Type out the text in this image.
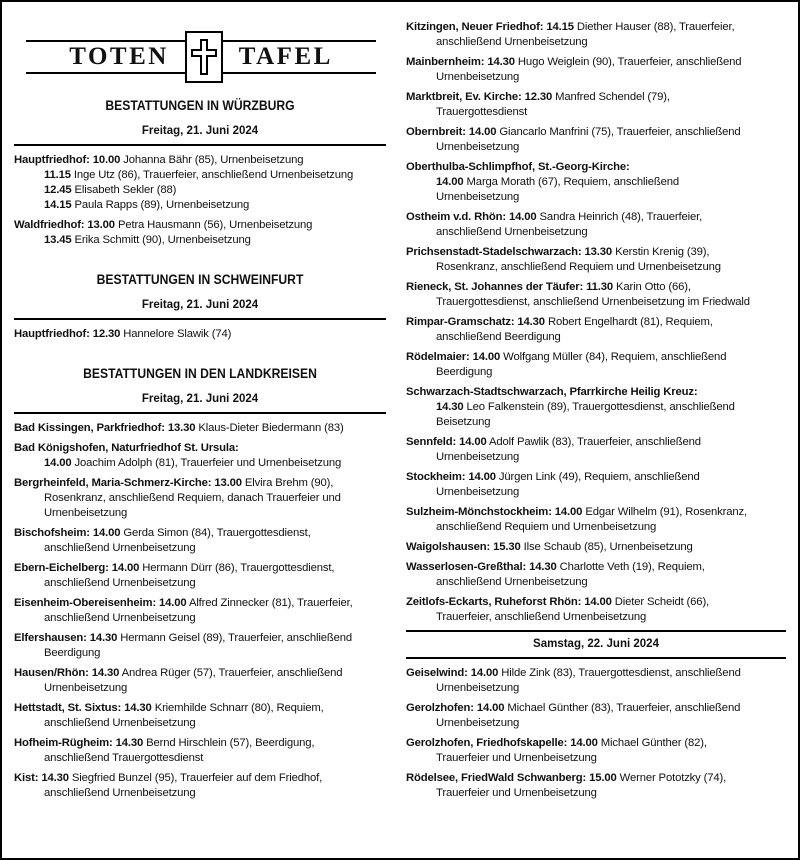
TOTEN	TAFEL
BESTATTUNGEN IN WÜRZBURG
Freitag, 21. Juni 2024
Hauptfriedhof: 10.00 Johanna Bähr (85), Urnenbeisetzung
11.15 Inge Utz (86), Trauerfeier, anschließend Urnenbeisetzung
12.45 Elisabeth Sekler (88)
14.15 Paula Rapps (89), Urnenbeisetzung
Waldfriedhof: 13.00 Petra Hausmann (56), Urnenbeisetzung
13.45 Erika Schmitt (90), Urnenbeisetzung
BESTATTUNGEN IN SCHWEINFURT
Freitag, 21. Juni 2024
Hauptfriedhof: 12.30 Hannelore Slawik (74)
BESTATTUNGEN IN DEN LANDKREISEN
Freitag, 21. Juni 2024
Bad Kissingen, Parkfriedhof: 13.30 Klaus-Dieter Biedermann (83)
Bad Königshofen, Naturfriedhof St. Ursula:
14.00 Joachim Adolph (81), Trauerfeier und Urnenbeisetzung
Bergrheinfeld, Maria-Schmerz-Kirche: 13.00 Elvira Brehm (90),
Rosenkranz, anschließend Requiem, danach Trauerfeier und
Urnenbeisetzung
Bischofsheim: 14.00 Gerda Simon (84), Trauergottesdienst,
anschließend Urnenbeisetzung
Ebern-Eichelberg: 14.00 Hermann Dürr (86), Trauergottesdienst,
anschließend Urnenbeisetzung
Eisenheim-Obereisenheim: 14.00 Alfred Zinnecker (81), Trauerfeier,
anschließend Urnenbeisetzung
Elfershausen: 14.30 Hermann Geisel (89), Trauerfeier, anschließend
Beerdigung
Hausen/Rhön: 14.30 Andrea Rüger (57), Trauerfeier, anschließend
Urnenbeisetzung
Hettstadt, St. Sixtus: 14.30 Kriemhilde Schnarr (80), Requiem,
anschließend Urnenbeisetzung
Hofheim-Rügheim: 14.30 Bernd Hirschlein (57), Beerdigung,
anschließend Trauergottesdienst
Kist: 14.30 Siegfried Bunzel (95), Trauerfeier auf dem Friedhof,
anschließend Urnenbeisetzung
Kitzingen, Neuer Friedhof: 14.15 Diether Hauser (88), Trauerfeier,
anschließend Urnenbeisetzung
Mainbernheim: 14.30 Hugo Weiglein (90), Trauerfeier, anschließend
Urnenbeisetzung
Marktbreit, Ev. Kirche: 12.30 Manfred Schendel (79),
Trauergottesdienst
Obernbreit: 14.00 Giancarlo Manfrini (75), Trauerfeier, anschließend
Urnenbeisetzung
Oberthulba-Schlimpfhof, St.-Georg-Kirche:
14.00 Marga Morath (67), Requiem, anschließend
Urnenbeisetzung
Ostheim v.d. Rhön: 14.00 Sandra Heinrich (48), Trauerfeier,
anschließend Urnenbeisetzung
Prichsenstadt-Stadelschwarzach: 13.30 Kerstin Krenig (39),
Rosenkranz, anschließend Requiem und Urnenbeisetzung
Rieneck, St. Johannes der Täufer: 11.30 Karin Otto (66),
Trauergottesdienst, anschließend Urnenbeisetzung im Friedwald
Rimpar-Gramschatz: 14.30 Robert Engelhardt (81), Requiem,
anschließend Beerdigung
Rödelmaier: 14.00 Wolfgang Müller (84), Requiem, anschließend
Beerdigung
Schwarzach-Stadtschwarzach, Pfarrkirche Heilig Kreuz:
14.30 Leo Falkenstein (89), Trauergottesdienst, anschließend
Beisetzung
Sennfeld: 14.00 Adolf Pawlik (83), Trauerfeier, anschließend
Urnenbeisetzung
Stockheim: 14.00 Jürgen Link (49), Requiem, anschließend
Urnenbeisetzung
Sulzheim-Mönchstockheim: 14.00 Edgar Wilhelm (91), Rosenkranz,
anschließend Requiem und Urnenbeisetzung
Waigolshausen: 15.30 Ilse Schaub (85), Urnenbeisetzung
Wasserlosen-Greßthal: 14.30 Charlotte Veth (19), Requiem,
anschließend Urnenbeisetzung
Zeitlofs-Eckarts, Ruheforst Rhön: 14.00 Dieter Scheidt (66),
Trauerfeier, anschließend Urnenbeisetzung
Samstag, 22. Juni 2024
Geiselwind: 14.00 Hilde Zink (83), Trauergottesdienst, anschließend
Urnenbeisetzung
Gerolzhofen: 14.00 Michael Günther (83), Trauerfeier, anschließend
Urnenbeisetzung
Gerolzhofen, Friedhofskapelle: 14.00 Michael Günther (82),
Trauerfeier und Urnenbeisetzung
Rödelsee, FriedWald Schwanberg: 15.00 Werner Pototzky (74),
Trauerfeier und Urnenbeisetzung
